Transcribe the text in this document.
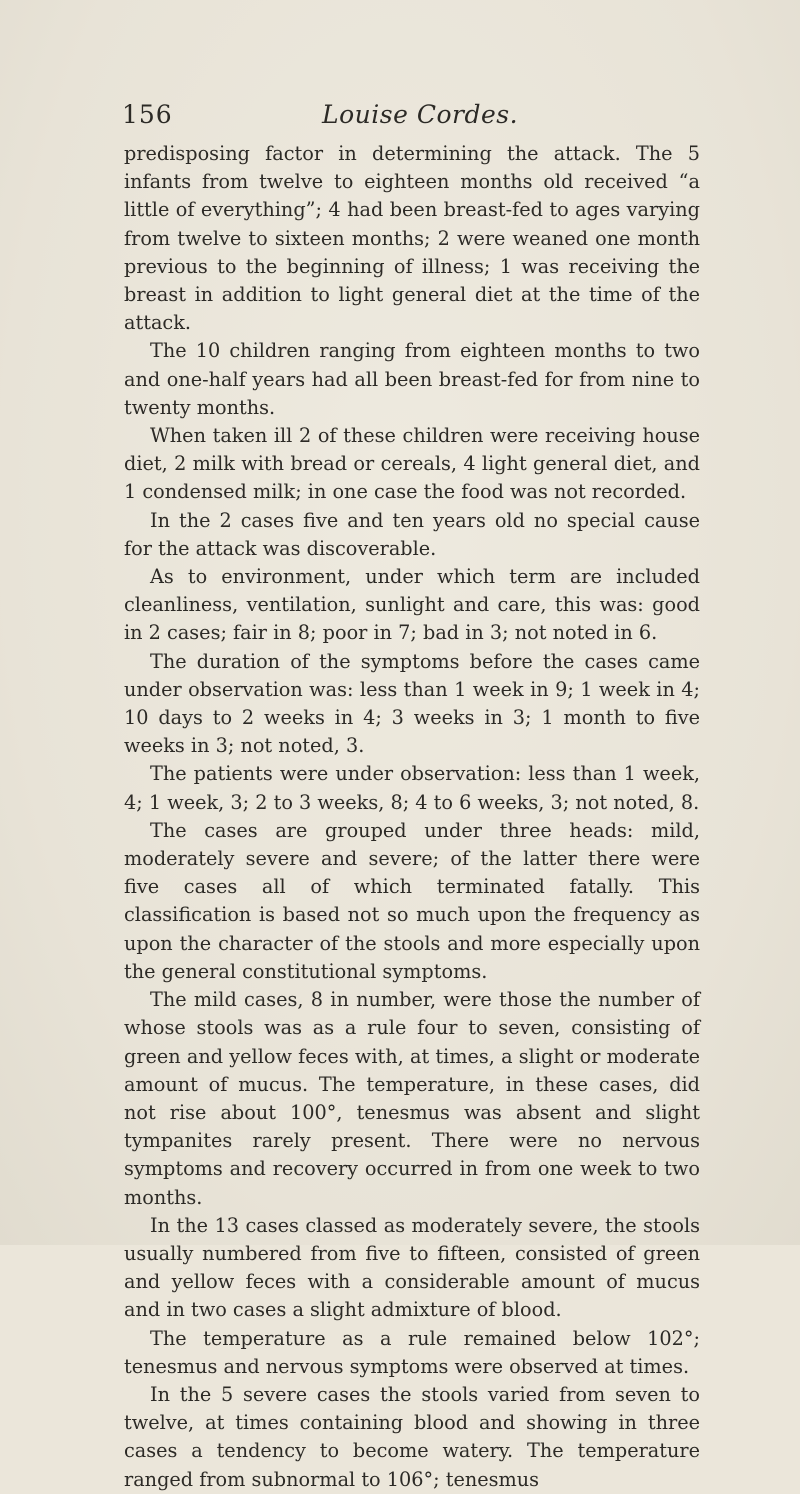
156	Louise Cordes.

predisposing factor in determining the attack. The 5 infants from twelve to eighteen months old received “a little of everything”; 4 had been breast-fed to ages varying from twelve to sixteen months; 2 were weaned one month previous to the beginning of illness; 1 was receiving the breast in addition to light general diet at the time of the attack.

The 10 children ranging from eighteen months to two and one-half years had all been breast-fed for from nine to twenty months.

When taken ill 2 of these children were receiving house diet, 2 milk with bread or cereals, 4 light general diet, and 1 condensed milk; in one case the food was not recorded.

In the 2 cases five and ten years old no special cause for the attack was discoverable.

As to environment, under which term are included cleanliness, ventilation, sunlight and care, this was: good in 2 cases; fair in 8; poor in 7; bad in 3; not noted in 6.

The duration of the symptoms before the cases came under observation was: less than 1 week in 9; 1 week in 4; 10 days to 2 weeks in 4; 3 weeks in 3; 1 month to five weeks in 3; not noted, 3.

The patients were under observation: less than 1 week, 4; 1 week, 3; 2 to 3 weeks, 8; 4 to 6 weeks, 3; not noted, 8.

The cases are grouped under three heads: mild, moderately severe and severe; of the latter there were five cases all of which terminated fatally. This classification is based not so much upon the frequency as upon the character of the stools and more especially upon the general constitutional symptoms.

The mild cases, 8 in number, were those the number of whose stools was as a rule four to seven, consisting of green and yellow feces with, at times, a slight or moderate amount of mucus. The temperature, in these cases, did not rise about 100°, tenesmus was absent and slight tympanites rarely present. There were no nervous symptoms and recovery occurred in from one week to two months.

In the 13 cases classed as moderately severe, the stools usually numbered from five to fifteen, consisted of green and yellow feces with a considerable amount of mucus and in two cases a slight admixture of blood.

The temperature as a rule remained below 102°; tenesmus and nervous symptoms were observed at times.

In the 5 severe cases the stools varied from seven to twelve, at times containing blood and showing in three cases a tendency to become watery. The temperature ranged from subnormal to 106°; tenesmus
